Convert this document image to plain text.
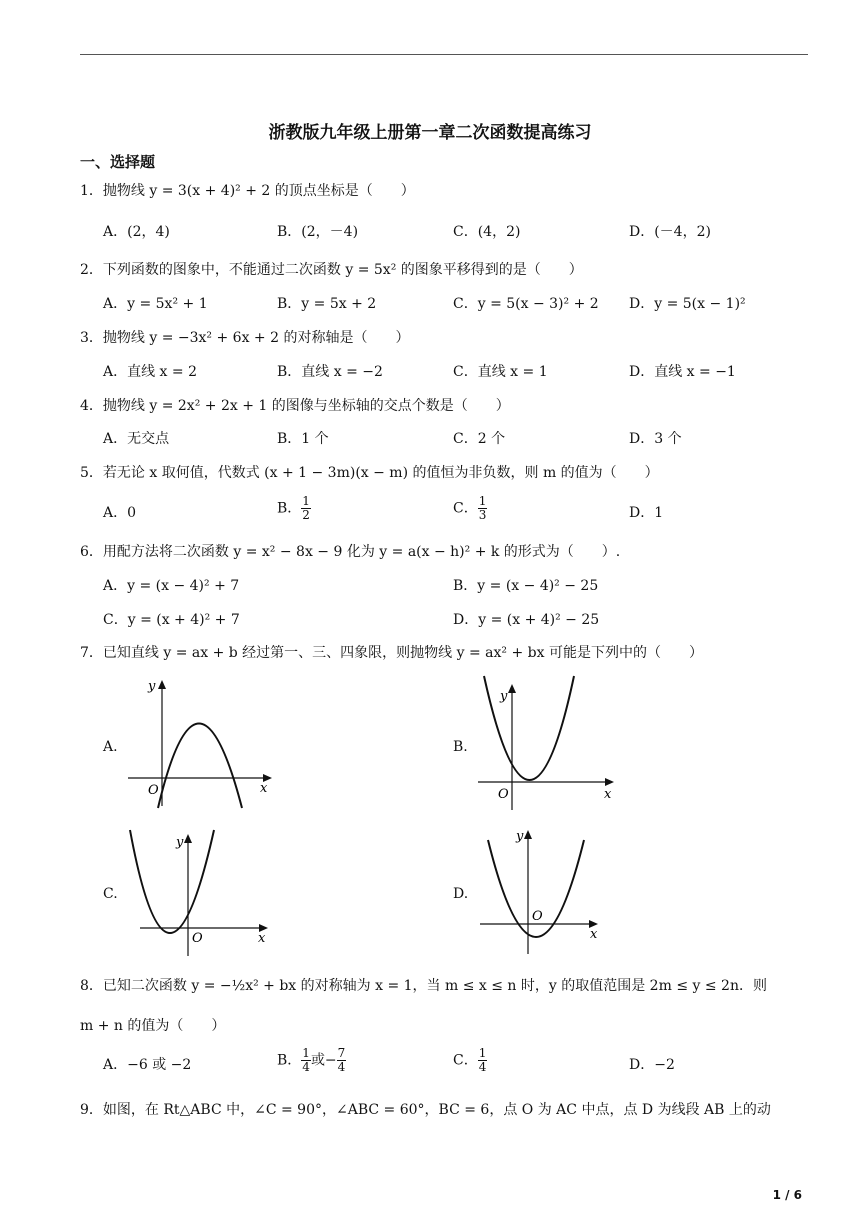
浙教版九年级上册第一章二次函数提高练习
一、选择题
1．抛物线 y = 3(x + 4)² + 2 的顶点坐标是（　　）
A．(2，4)	B．(2，－4)	C．(4，2)	D．(－4，2)
2．下列函数的图象中，不能通过二次函数 y = 5x² 的图象平移得到的是（　　）
A．y = 5x² + 1	B．y = 5x + 2	C．y = 5(x − 3)² + 2 D．y = 5(x − 1)²
3．抛物线 y = −3x² + 6x + 2 的对称轴是（　　）
A．直线 x = 2	B．直线 x = −2	C．直线 x = 1	D．直线 x = −1
4．抛物线 y = 2x² + 2x + 1 的图像与坐标轴的交点个数是（　　）
A．无交点	B．1 个	C．2 个	D．3 个
5．若无论 x 取何值，代数式 (x + 1 − 3m)(x − m) 的值恒为非负数，则 m 的值为（　　）
A．0	B． $\frac{1}{2}$	C． $\frac{1}{3}$	D．1
6．用配方法将二次函数 y = x² − 8x − 9 化为 y = a(x − h)² + k 的形式为（　　）.
A．y = (x − 4)² + 7	B．y = (x − 4)² − 25
C．y = (x + 4)² + 7	D．y = (x + 4)² − 25
7．已知直线 y = ax + b 经过第一、三、四象限，则抛物线 y = ax² + bx 可能是下列中的（　　）
A.
y
x
O
B.
y
x
O
C.
y
x
O
D.
y
x
O
8．已知二次函数 y = −½x² + bx 的对称轴为 x = 1，当 m ≤ x ≤ n 时，y 的取值范围是 2m ≤ y ≤ 2n．则
m + n 的值为（　　）
A．−6 或 −2	B． $\frac{1}{4}$ 或− $\frac{7}{4}$	C． $\frac{1}{4}$	D．−2
9．如图，在 Rt△ABC 中，∠C = 90°，∠ABC = 60°，BC = 6，点 O 为 AC 中点，点 D 为线段 AB 上的动
1 / 6
